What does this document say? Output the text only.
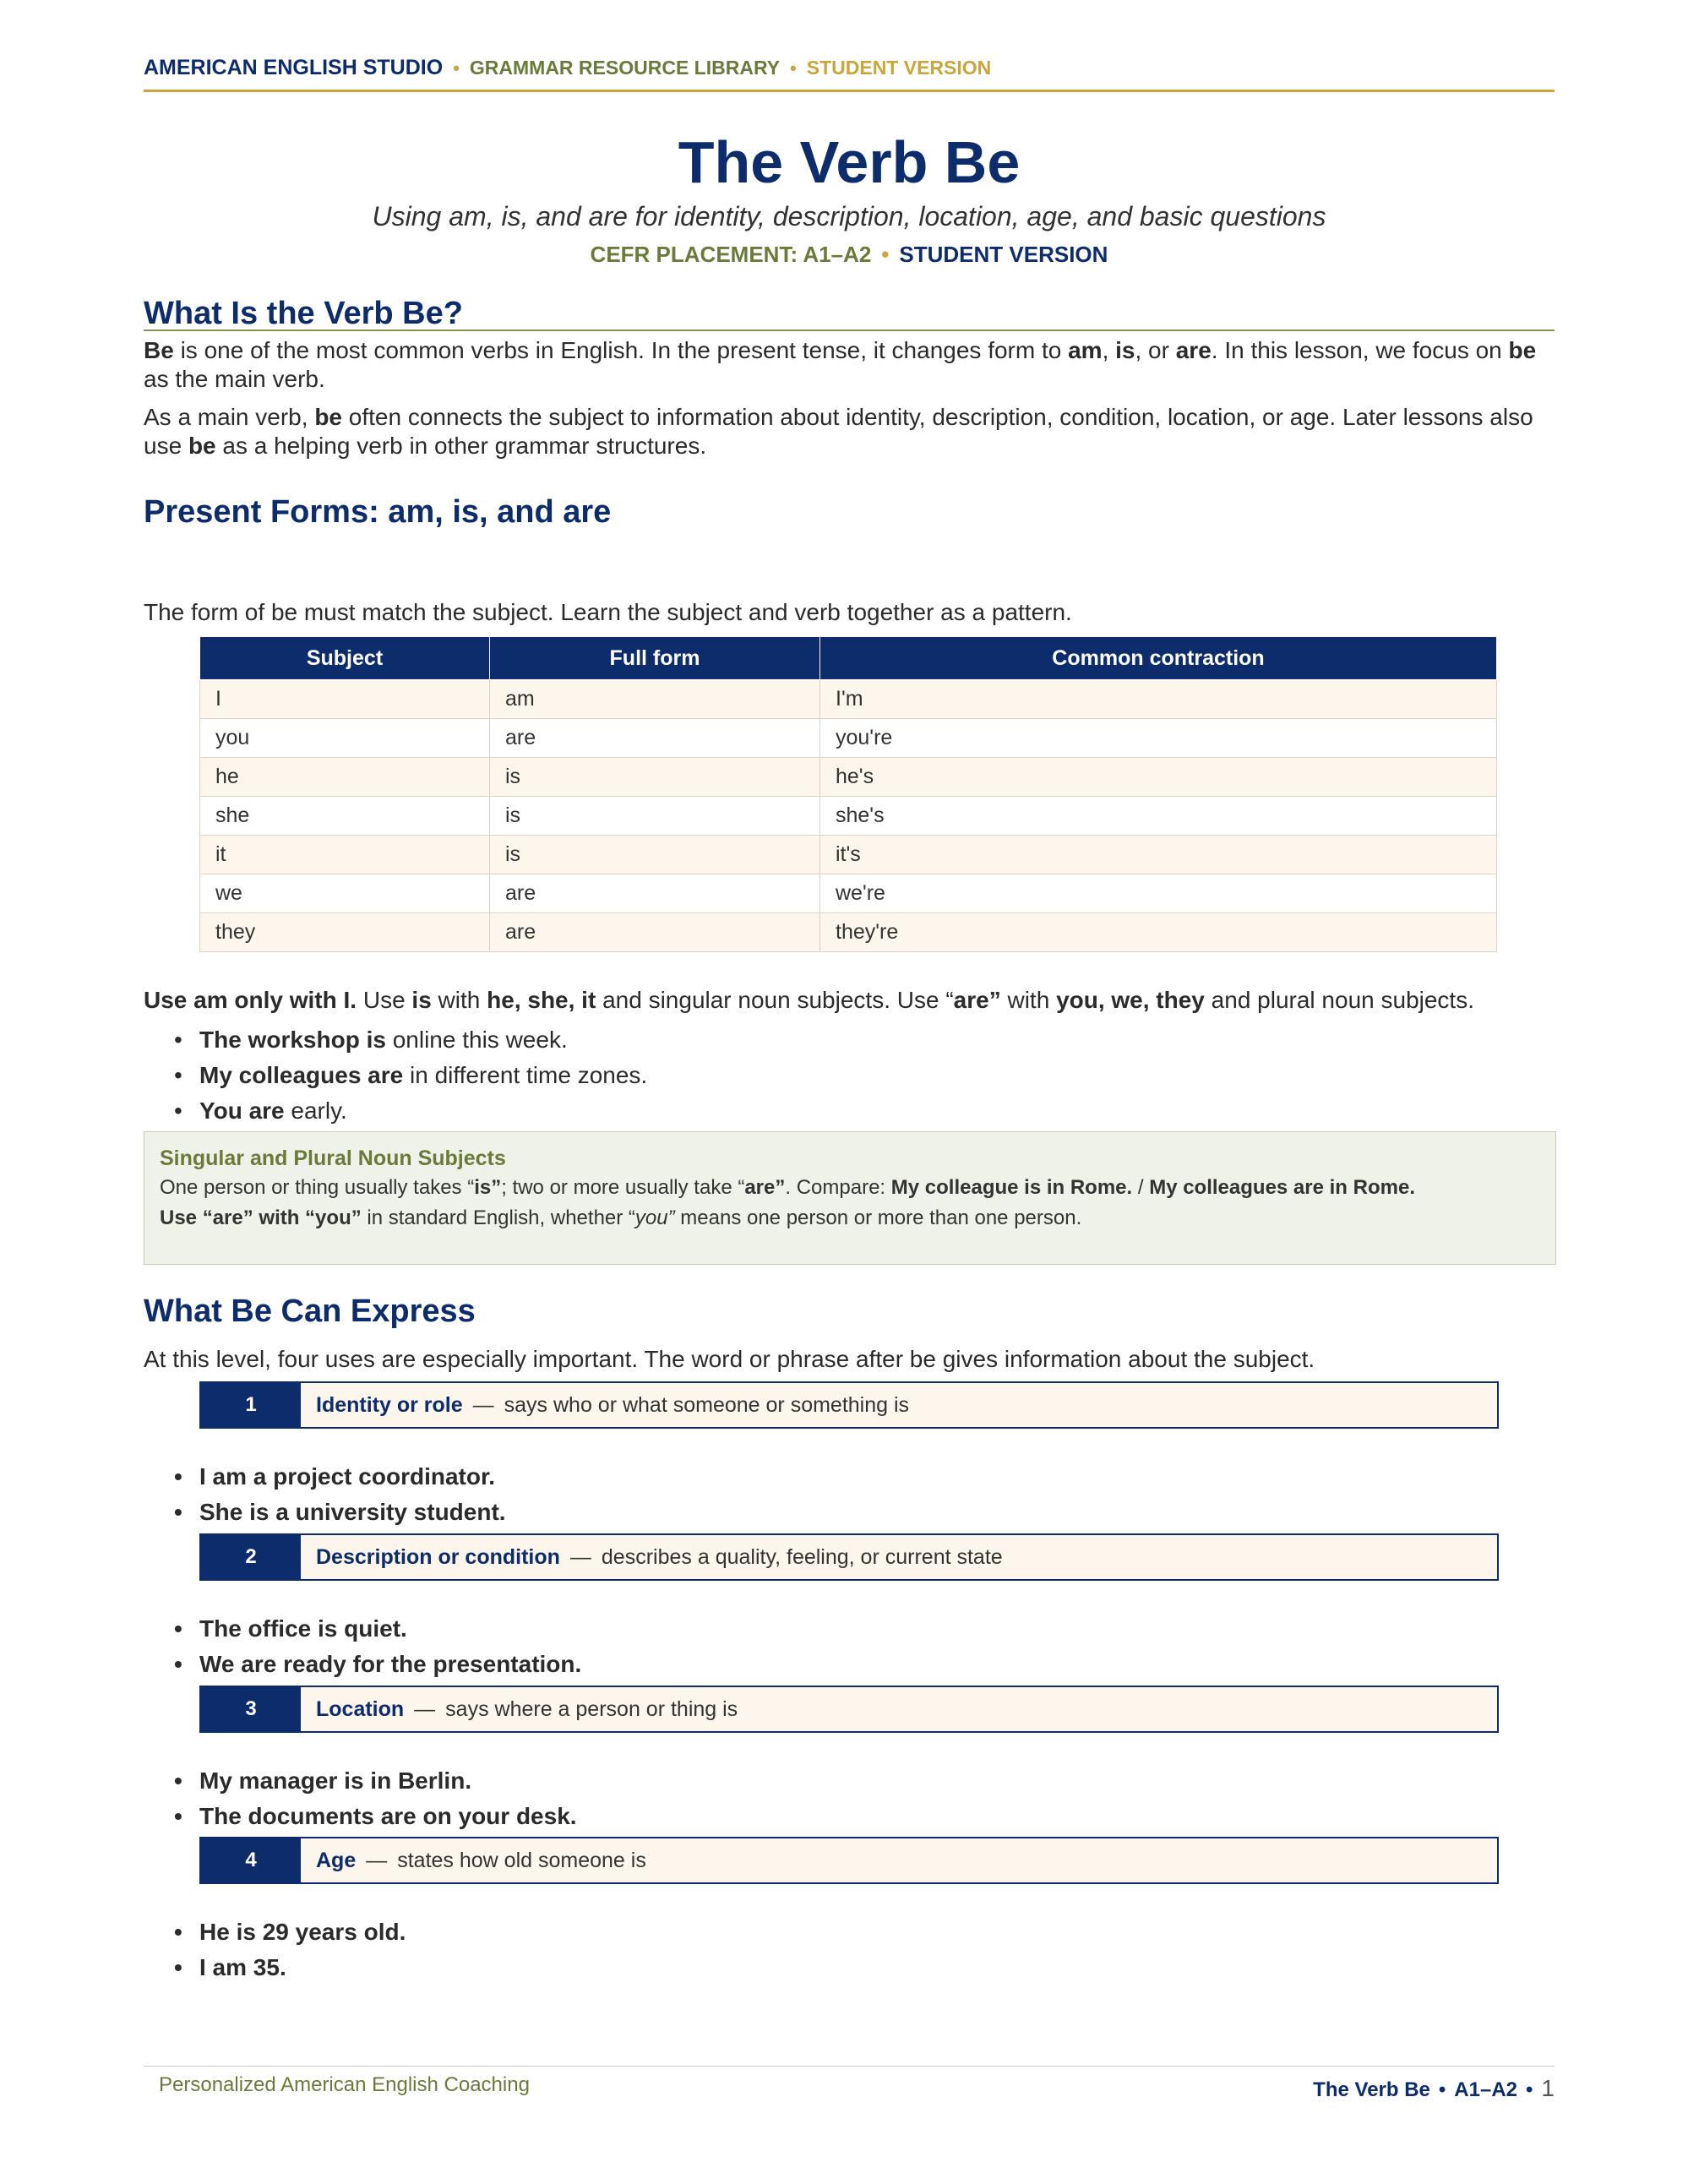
AMERICAN ENGLISH STUDIO • GRAMMAR RESOURCE LIBRARY • STUDENT VERSION
The Verb Be

Using am, is, and are for identity, description, location, age, and basic questions

CEFR PLACEMENT: A1–A2 • STUDENT VERSION

What Is the Verb Be?

Be is one of the most common verbs in English. In the present tense, it changes form to am, is, or are. In this lesson, we focus on be as the main verb.

As a main verb, be often connects the subject to information about identity, description, condition, location, or age. Later lessons also use be as a helping verb in other grammar structures.

Present Forms: am, is, and are

The form of be must match the subject. Learn the subject and verb together as a pattern.

Subject	Full form	Common contraction
I	am	I'm
you	are	you're
he	is	he's
she	is	she's
it	is	it's
we	are	we're
they	are	they're

Use am only with I. Use is with he, she, it and singular noun subjects. Use “are” with you, we, they and plural noun subjects.

• The workshop is online this week.
• My colleagues are in different time zones.
• You are early.

Singular and Plural Noun Subjects

One person or thing usually takes “is”; two or more usually take “are”. Compare: My colleague is in Rome. / My colleagues are in Rome.

Use “are” with “you” in standard English, whether “you” means one person or more than one person.

What Be Can Express

At this level, four uses are especially important. The word or phrase after be gives information about the subject.

1	Identity or role — says who or what someone or something is
• I am a project coordinator.
• She is a university student.
2	Description or condition — describes a quality, feeling, or current state
• The office is quiet.
• We are ready for the presentation.
3	Location — says where a person or thing is
• My manager is in Berlin.
• The documents are on your desk.
4	Age — states how old someone is
• He is 29 years old.
• I am 35.
Personalized American English Coaching	The Verb Be • A1–A2 • 1
